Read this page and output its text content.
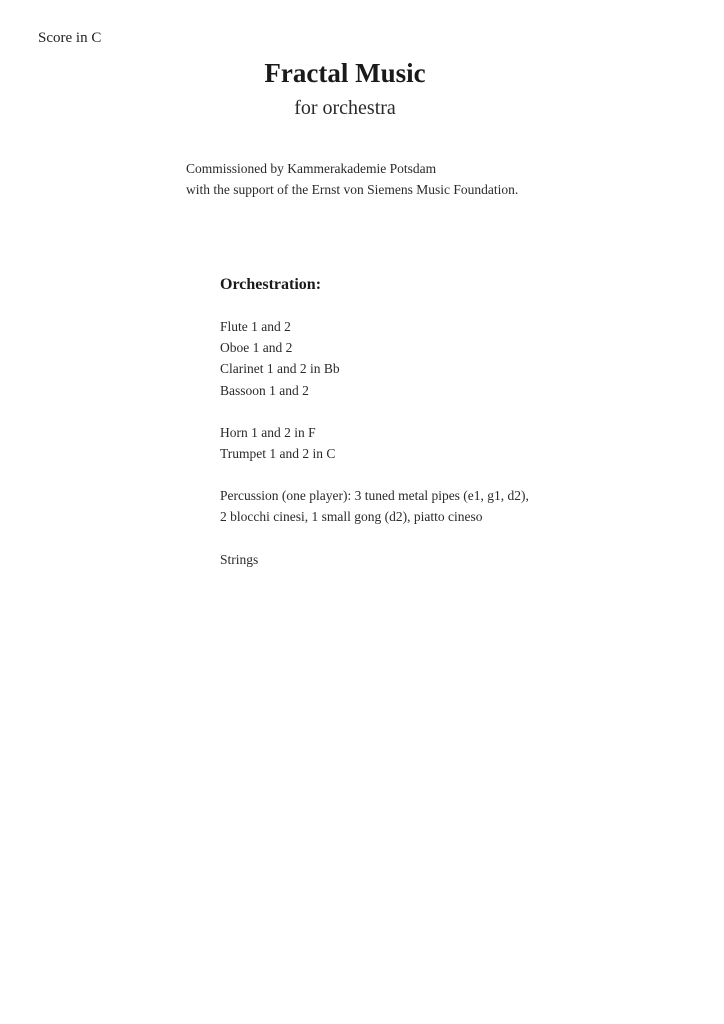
Score in C
Fractal Music
for orchestra
Commissioned by Kammerakademie Potsdam
with the support of the Ernst von Siemens Music Foundation.
Orchestration:
Flute 1 and 2
Oboe 1 and 2
Clarinet 1 and 2 in Bb
Bassoon 1 and 2
Horn 1 and 2 in F
Trumpet 1 and 2 in C
Percussion (one player): 3 tuned metal pipes (e1, g1, d2),
2 blocchi cinesi, 1 small gong (d2), piatto cineso
Strings
